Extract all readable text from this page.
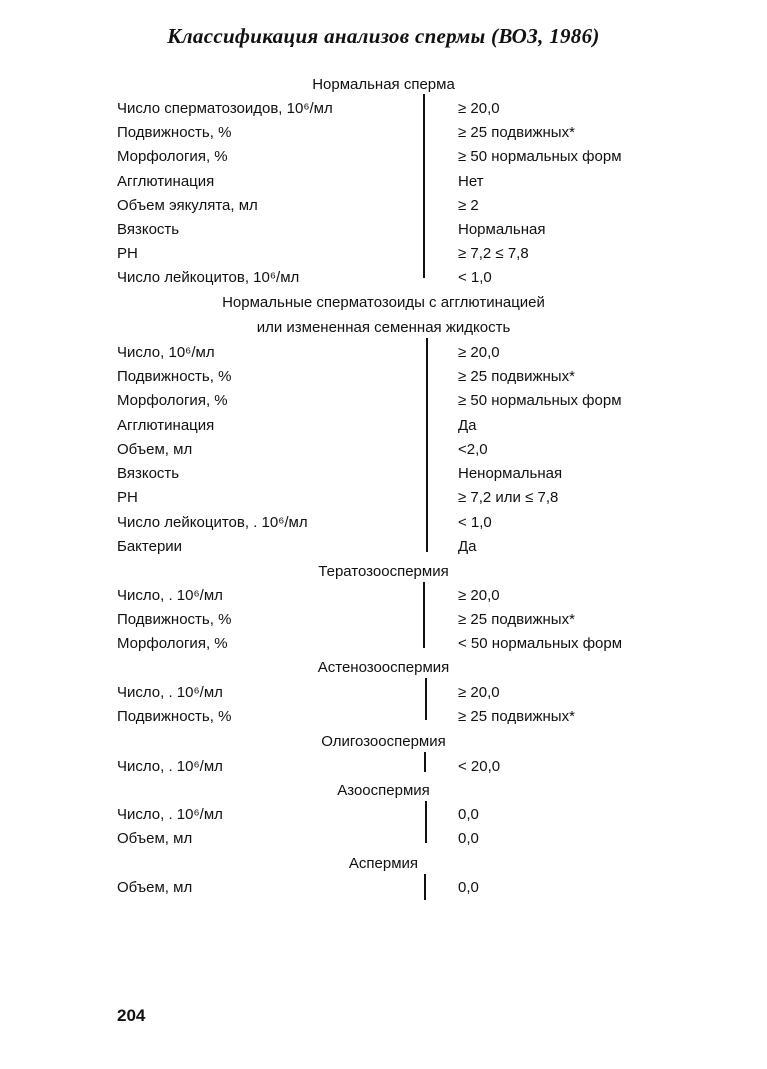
Классификация анализов спермы (ВОЗ, 1986)
Нормальная сперма
Число сперматозоидов, 10⁶/мл	≥ 20,0
Подвижность, %	≥ 25 подвижных*
Морфология, %	≥ 50 нормальных форм
Агглютинация	Нет
Объем эякулята, мл	≥ 2
Вязкость	Нормальная
РН	≥ 7,2 ≤ 7,8
Число лейкоцитов, 10⁶/мл	< 1,0
Нормальные сперматозоиды с агглютинацией
или измененная семенная жидкость
Число, 10⁶/мл	≥ 20,0
Подвижность, %	≥ 25 подвижных*
Морфология, %	≥ 50 нормальных форм
Агглютинация	Да
Объем, мл	<2,0
Вязкость	Ненормальная
РН	≥ 7,2 или ≤ 7,8
Число лейкоцитов, . 10⁶/мл	< 1,0
Бактерии	Да
Тератозооспермия
Число, . 10⁶/мл	≥ 20,0
Подвижность, %	≥ 25 подвижных*
Морфология, %	< 50 нормальных форм
Астенозооспермия
Число, . 10⁶/мл	≥ 20,0
Подвижность, %	≥ 25 подвижных*
Олигозооспермия
Число, . 10⁶/мл	< 20,0
Азооспермия
Число, . 10⁶/мл	0,0
Объем, мл	0,0
Аспермия
Объем, мл	0,0
204
